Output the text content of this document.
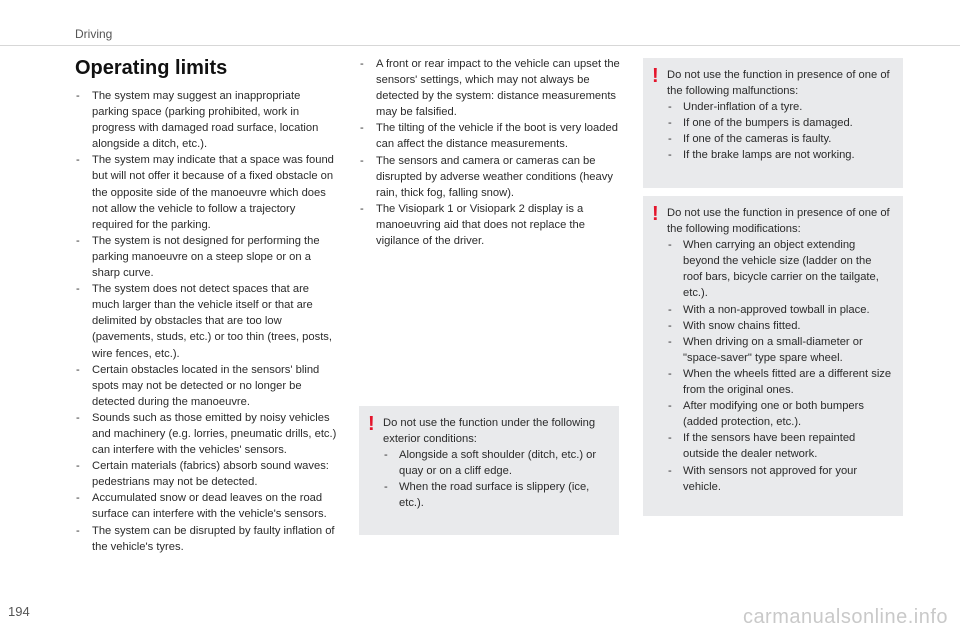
Driving
Operating limits
- The system may suggest an inappropriate parking space (parking prohibited, work in progress with damaged road surface, location alongside a ditch, etc.).
- The system may indicate that a space was found but will not offer it because of a fixed obstacle on the opposite side of the manoeuvre which does not allow the vehicle to follow a trajectory required for the parking.
- The system is not designed for performing the parking manoeuvre on a steep slope or on a sharp curve.
- The system does not detect spaces that are much larger than the vehicle itself or that are delimited by obstacles that are too low (pavements, studs, etc.) or too thin (trees, posts, wire fences, etc.).
- Certain obstacles located in the sensors' blind spots may not be detected or no longer be detected during the manoeuvre.
- Sounds such as those emitted by noisy vehicles and machinery (e.g. lorries, pneumatic drills, etc.) can interfere with the vehicles' sensors.
- Certain materials (fabrics) absorb sound waves: pedestrians may not be detected.
- Accumulated snow or dead leaves on the road surface can interfere with the vehicle's sensors.
- The system can be disrupted by faulty inflation of the vehicle's tyres.
- A front or rear impact to the vehicle can upset the sensors' settings, which may not always be detected by the system: distance measurements may be falsified.
- The tilting of the vehicle if the boot is very loaded can affect the distance measurements.
- The sensors and camera or cameras can be disrupted by adverse weather conditions (heavy rain, thick fog, falling snow).
- The Visiopark 1 or Visiopark 2 display is a manoeuvring aid that does not replace the vigilance of the driver.
! Do not use the function under the following exterior conditions:
- Alongside a soft shoulder (ditch, etc.) or quay or on a cliff edge.
- When the road surface is slippery (ice, etc.).
! Do not use the function in presence of one of the following malfunctions:
- Under-inflation of a tyre.
- If one of the bumpers is damaged.
- If one of the cameras is faulty.
- If the brake lamps are not working.
! Do not use the function in presence of one of the following modifications:
- When carrying an object extending beyond the vehicle size (ladder on the roof bars, bicycle carrier on the tailgate, etc.).
- With a non-approved towball in place.
- With snow chains fitted.
- When driving on a small-diameter or "space-saver" type spare wheel.
- When the wheels fitted are a different size from the original ones.
- After modifying one or both bumpers (added protection, etc.).
- If the sensors have been repainted outside the dealer network.
- With sensors not approved for your vehicle.
194	carmanualsonline.info
